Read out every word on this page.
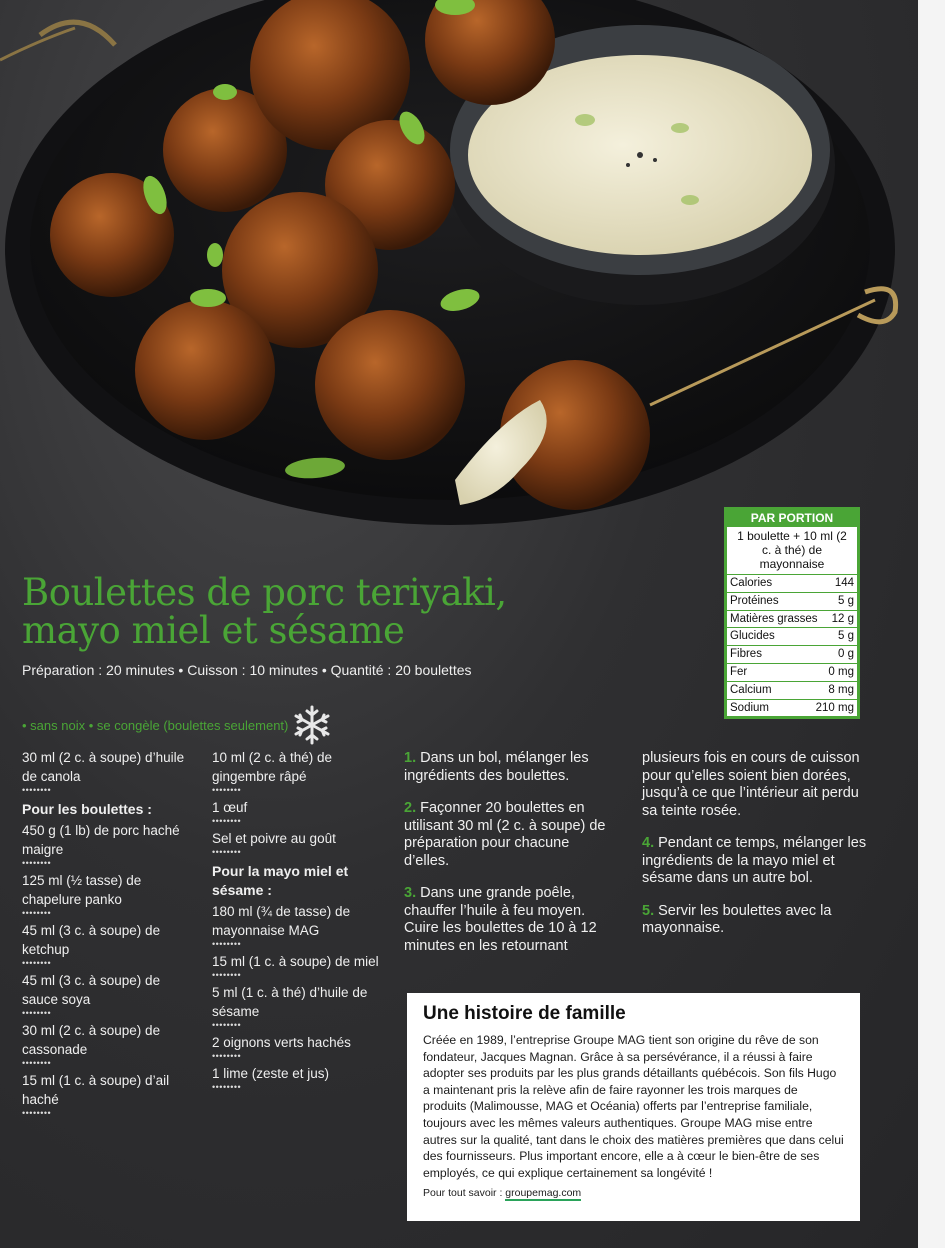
PAR PORTION
1 boulette + 10 ml (2 c. à thé) de mayonnaise
Calories	144
Protéines	5 g
Matières grasses 12 g
Glucides	5 g
Fibres	0 g
Fer	0 mg
Calcium	8 mg
Sodium	210 mg
Boulettes de porc teriyaki,
mayo miel et sésame
Préparation : 20 minutes • Cuisson : 10 minutes • Quantité : 20 boulettes
• sans noix • se congèle (boulettes seulement)
30 ml (2 c. à soupe) d’huile de canola
••••••••
Pour les boulettes :
450 g (1 lb) de porc haché maigre
••••••••
125 ml (½ tasse) de chapelure panko
••••••••
45 ml (3 c. à soupe) de ketchup
••••••••
45 ml (3 c. à soupe) de sauce soya
••••••••
30 ml (2 c. à soupe) de cassonade
••••••••
15 ml (1 c. à soupe) d’ail haché
••••••••
10 ml (2 c. à thé) de gingembre râpé
••••••••
1 œuf
••••••••
Sel et poivre au goût
••••••••
Pour la mayo miel et sésame :
180 ml (¾ de tasse) de mayonnaise MAG
••••••••
15 ml (1 c. à soupe) de miel
••••••••
5 ml (1 c. à thé) d’huile de sésame
••••••••
2 oignons verts hachés
••••••••
1 lime (zeste et jus)
••••••••
1. Dans un bol, mélanger les ingrédients des boulettes.
2. Façonner 20 boulettes en utilisant 30 ml (2 c. à soupe) de préparation pour chacune d’elles.
3. Dans une grande poêle, chauffer l’huile à feu moyen. Cuire les boulettes de 10 à 12 minutes en les retournant
plusieurs fois en cours de cuisson pour qu’elles soient bien dorées, jusqu’à ce que l’intérieur ait perdu sa teinte rosée.
4. Pendant ce temps, mélanger les ingrédients de la mayo miel et sésame dans un autre bol.
5. Servir les boulettes avec la mayonnaise.
Une histoire de famille

Créée en 1989, l’entreprise Groupe MAG tient son origine du rêve de son fondateur, Jacques Magnan. Grâce à sa persévérance, il a réussi à faire adopter ses produits par les plus grands détaillants québécois. Son fils Hugo a maintenant pris la relève afin de faire rayonner les trois marques de produits (Malimousse, MAG et Océania) offerts par l’entreprise familiale, toujours avec les mêmes valeurs authentiques. Groupe MAG mise entre autres sur la qualité, tant dans le choix des matières premières que dans celui des fournisseurs. Plus important encore, elle a à cœur le bien-être de ses employés, ce qui explique certainement sa longévité !

Pour tout savoir : groupemag.com
